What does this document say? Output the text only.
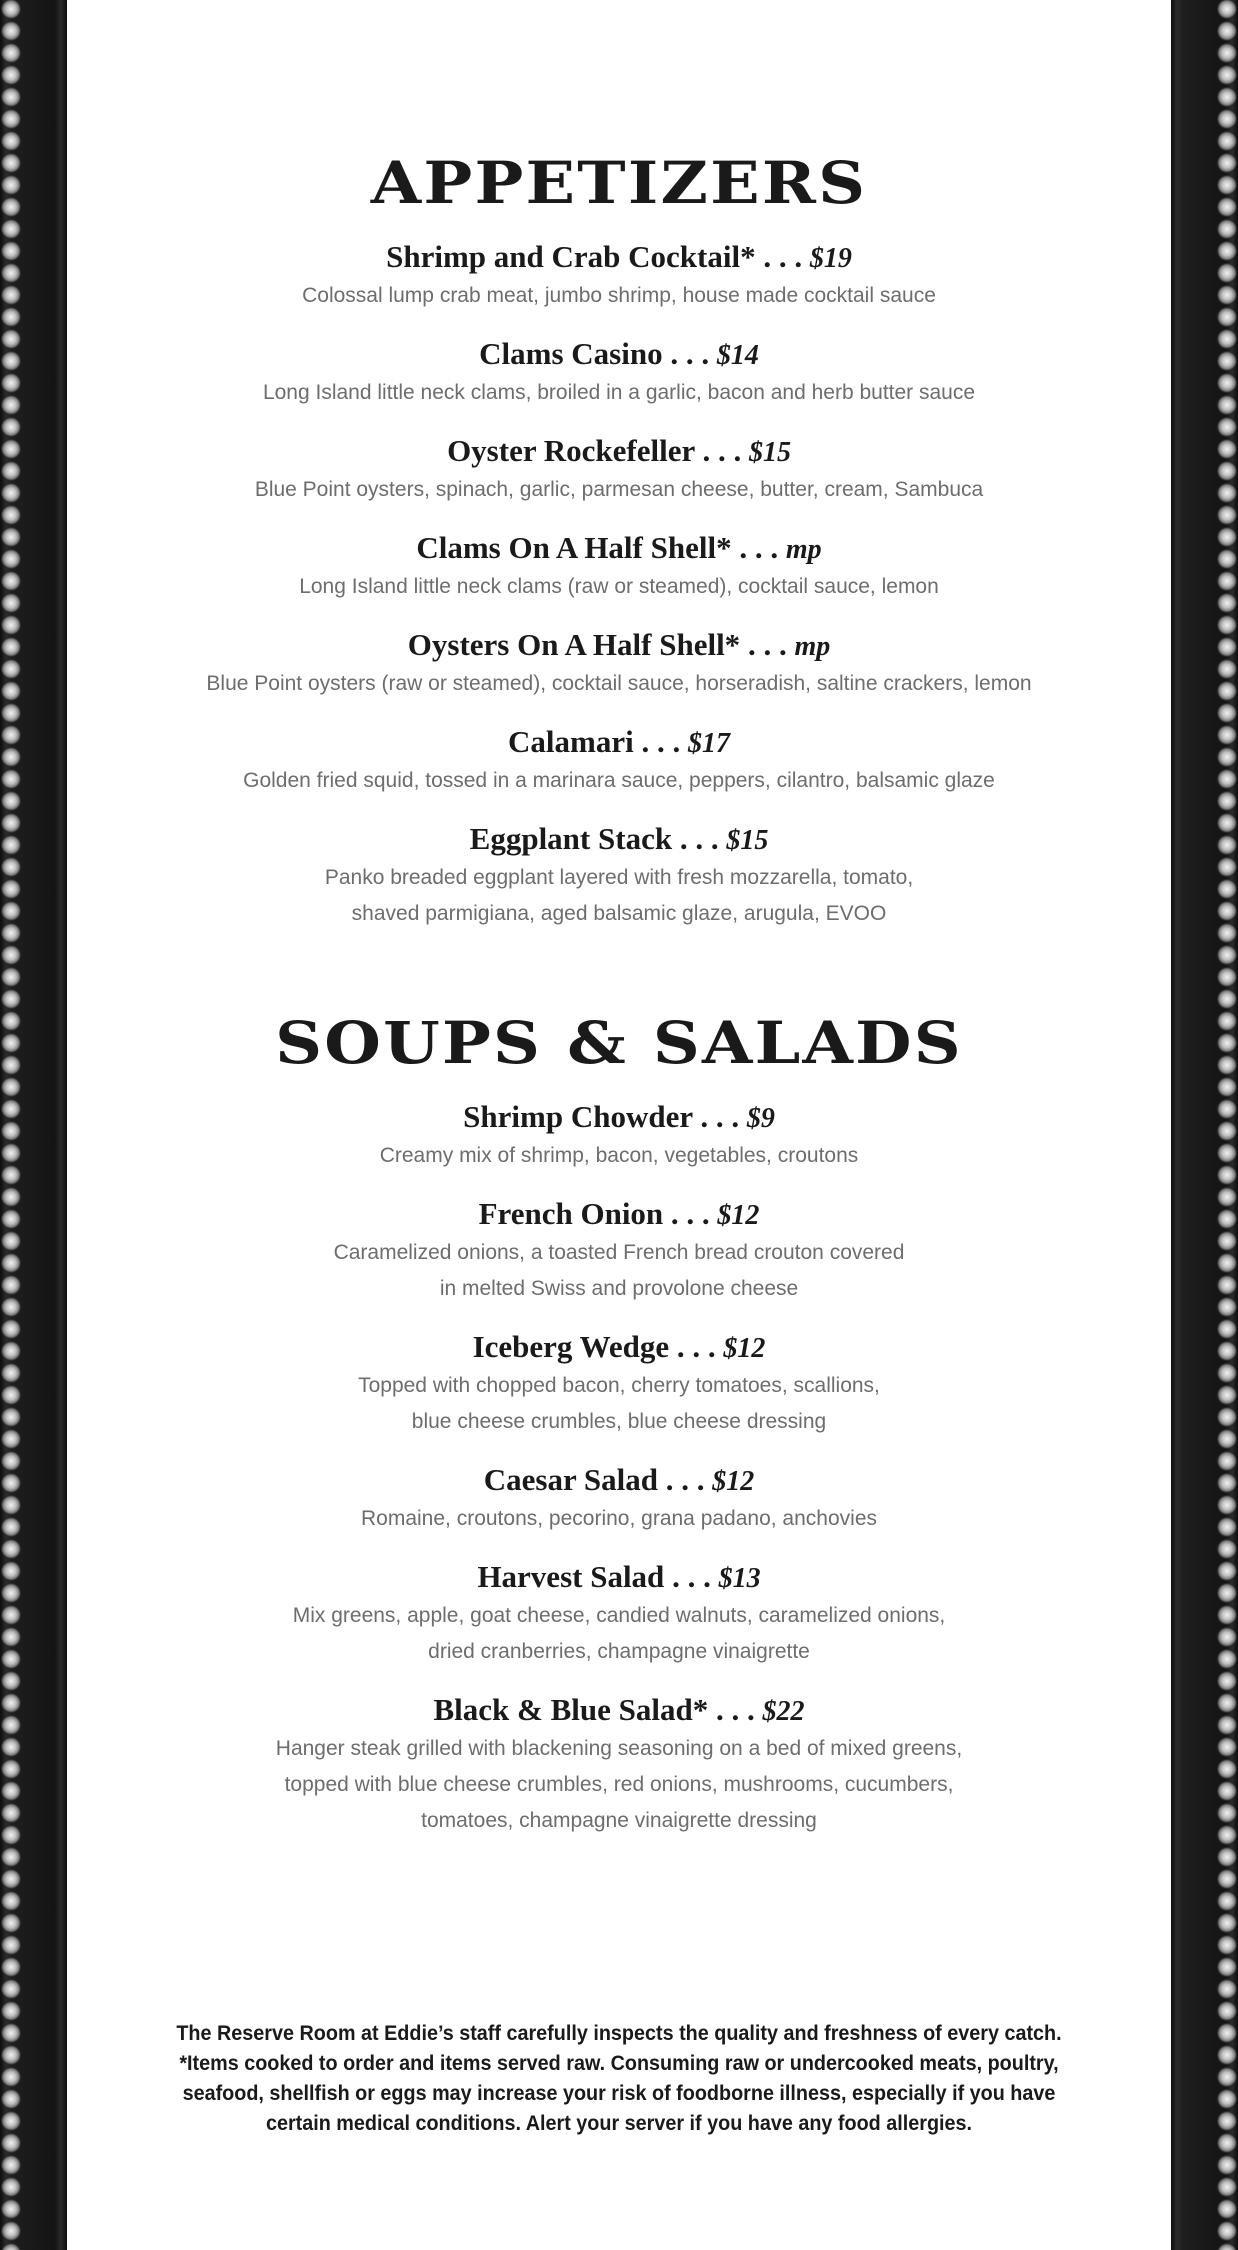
APPETIZERS

Shrimp and Crab Cocktail* . . . $19

Colossal lump crab meat, jumbo shrimp, house made cocktail sauce

Clams Casino . . . $14

Long Island little neck clams, broiled in a garlic, bacon and herb butter sauce

Oyster Rockefeller . . . $15

Blue Point oysters, spinach, garlic, parmesan cheese, butter, cream, Sambuca

Clams On A Half Shell* . . . mp

Long Island little neck clams (raw or steamed), cocktail sauce, lemon

Oysters On A Half Shell* . . . mp

Blue Point oysters (raw or steamed), cocktail sauce, horseradish, saltine crackers, lemon

Calamari . . . $17

Golden fried squid, tossed in a marinara sauce, peppers, cilantro, balsamic glaze

Eggplant Stack . . . $15

Panko breaded eggplant layered with fresh mozzarella, tomato,
shaved parmigiana, aged balsamic glaze, arugula, EVOO

SOUPS & SALADS

Shrimp Chowder . . . $9

Creamy mix of shrimp, bacon, vegetables, croutons

French Onion . . . $12

Caramelized onions, a toasted French bread crouton covered
in melted Swiss and provolone cheese

Iceberg Wedge . . . $12

Topped with chopped bacon, cherry tomatoes, scallions,
blue cheese crumbles, blue cheese dressing

Caesar Salad . . . $12

Romaine, croutons, pecorino, grana padano, anchovies

Harvest Salad . . . $13

Mix greens, apple, goat cheese, candied walnuts, caramelized onions,
dried cranberries, champagne vinaigrette

Black & Blue Salad* . . . $22

Hanger steak grilled with blackening seasoning on a bed of mixed greens,
topped with blue cheese crumbles, red onions, mushrooms, cucumbers,
tomatoes, champagne vinaigrette dressing

The Reserve Room at Eddie’s staff carefully inspects the quality and freshness of every catch.
*Items cooked to order and items served raw. Consuming raw or undercooked meats, poultry,
seafood, shellfish or eggs may increase your risk of foodborne illness, especially if you have
certain medical conditions. Alert your server if you have any food allergies.
